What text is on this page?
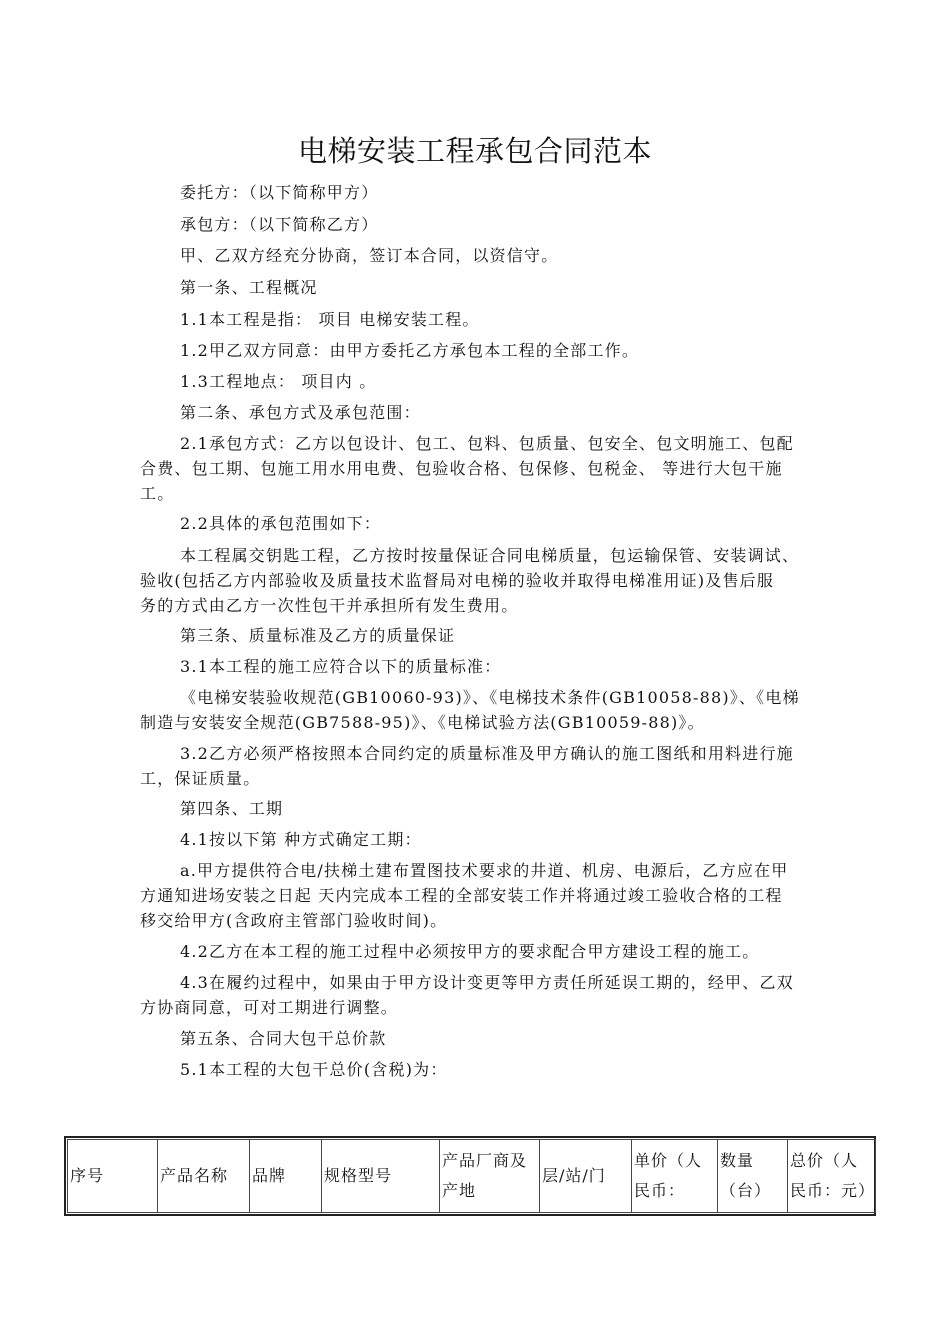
电梯安装工程承包合同范本
委托方：（以下简称甲方）
承包方：（以下简称乙方）
甲、乙双方经充分协商，签订本合同，以资信守。
第一条、工程概况
1.1本工程是指： 项目 电梯安装工程。
1.2甲乙双方同意：由甲方委托乙方承包本工程的全部工作。
1.3工程地点： 项目内 。
第二条、承包方式及承包范围：
2.1承包方式：乙方以包设计、包工、包料、包质量、包安全、包文明施工、包配
合费、包工期、包施工用水用电费、包验收合格、包保修、包税金、 等进行大包干施
工。
2.2具体的承包范围如下：
本工程属交钥匙工程，乙方按时按量保证合同电梯质量，包运输保管、安装调试、
验收(包括乙方内部验收及质量技术监督局对电梯的验收并取得电梯准用证)及售后服
务的方式由乙方一次性包干并承担所有发生费用。
第三条、质量标准及乙方的质量保证
3.1本工程的施工应符合以下的质量标准：
《电梯安装验收规范(GB10060-93)》、《电梯技术条件(GB10058-88)》、《电梯
制造与安装安全规范(GB7588-95)》、《电梯试验方法(GB10059-88)》。
3.2乙方必须严格按照本合同约定的质量标准及甲方确认的施工图纸和用料进行施
工，保证质量。
第四条、工期
4.1按以下第 种方式确定工期：
a.甲方提供符合电/扶梯土建布置图技术要求的井道、机房、电源后，乙方应在甲
方通知进场安装之日起 天内完成本工程的全部安装工作并将通过竣工验收合格的工程
移交给甲方(含政府主管部门验收时间)。
4.2乙方在本工程的施工过程中必须按甲方的要求配合甲方建设工程的施工。
4.3在履约过程中，如果由于甲方设计变更等甲方责任所延误工期的，经甲、乙双
方协商同意，可对工期进行调整。
第五条、合同大包干总价款
5.1本工程的大包干总价(含税)为：
序号	产品名称	品牌	规格型号	产品厂商及产地	层/站/门	单价（人民币：	数量（台）	总价（人民币：元）
